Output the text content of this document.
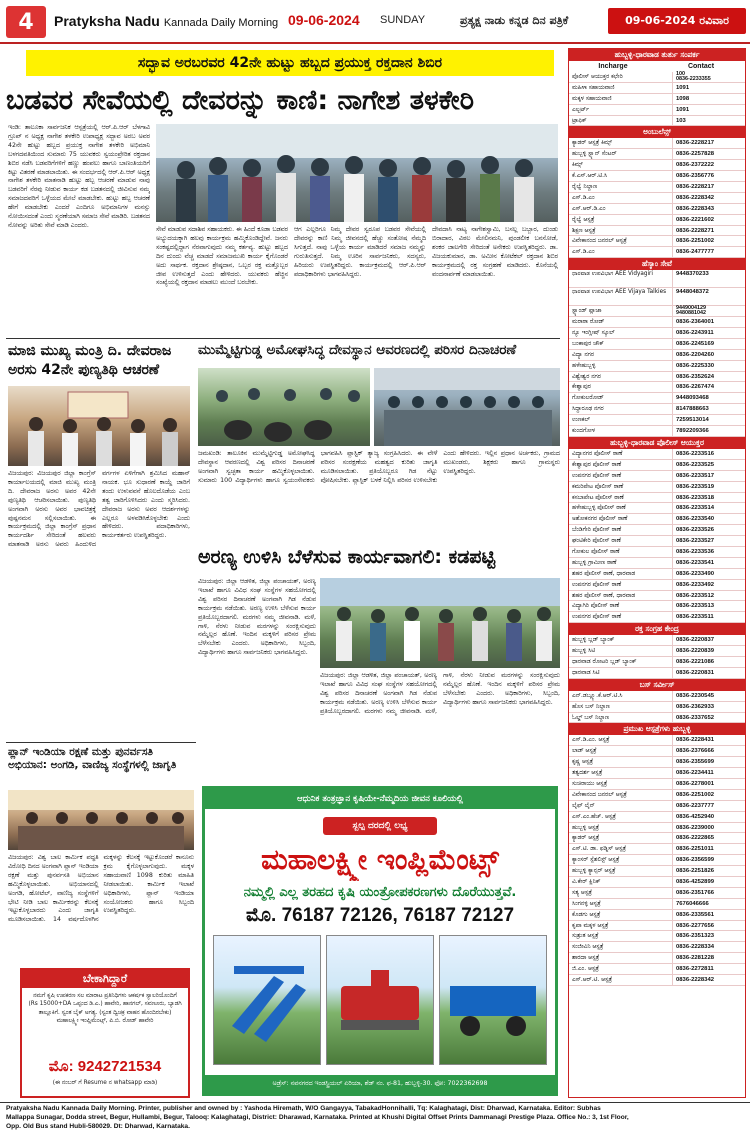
4	Pratyksha Nadu Kannada Daily Morning 09-06-2024 SUNDAY	ಪ್ರತ್ಯಕ್ಷ ನಾಡು ಕನ್ನಡ ದಿನ ಪತ್ರಿಕೆ	09-06-2024 ರವಿವಾರ
ಸದ್ಭಾವ ಅರಬರವರ 42ನೇ ಹುಟ್ಟು ಹಬ್ಬದ ಪ್ರಯುಕ್ತ ರಕ್ತದಾನ ಶಿಬಿರ
ಬಡವರ ಸೇವೆಯಲ್ಲಿ ದೇವರನ್ನು ಕಾಣಿ: ನಾಗೇಶ ತಳಕೇರಿ
ಇಂಡಿ: ತಾಲೂಕಾ ಸಾರ್ವಜನಿಕ ಆಸ್ಪತ್ರೆಯಲ್ಲಿ ಆರ್.ಪಿ.ಆರ್ ಬೆಳಗಾವಿ ಗ್ರೂಪ್ ನ ಅಧ್ಯಕ್ಷ ನಾಗೇಶ ತಳಕೇರಿ ಉಪಾಧ್ಯಕ್ಷ ಸದ್ಭಾವ ಅರಬ ಅವರ 42ನೇ ಹುಟ್ಟು ಹಬ್ಬದ ಪ್ರಯುಕ್ತ ನಾಗೇಶ ತಳಕೇರಿ ಅಭಿಮಾನಿ ಬಳಗದವತಿಯಿಂದ ಸುಮಾರು 75 ಯುವಕರು ಸ್ವಯಂಪ್ರೇರಿತ ರಕ್ತದಾನ ಶಿಬಿರ ನಡೆಸಿ ಬಡವರಿಗೆಗಳಿಗೆ ಹಣ್ಣು ಹಂಪಲು ಹಾಗೂ ಬಾಣಂತಿಯರಿಗೆ ಕಿಟ್ಟು ವಿತರಣೆ ಮಾಡಲಾಯಿತು. ಈ ಸಂದರ್ಭದಲ್ಲಿ ಆರ್.ಪಿ.ಆರ್ ಅಧ್ಯಕ್ಷ ನಾಗೇಶ ತಳಕೇರಿ ಮಾತನಾಡಿ ಹುಟ್ಟು ಹಬ್ಬ ಆಚರಣೆ ಮಾಡುವ ನಾವು ಬಡವರಿಗೆ ನೆರವು ನೀಡುವ ಕಾರ್ಯ ಕಡ ಬಡತನದಲ್ಲಿ ಜೀವಿಸುವ ನಮ್ಮ ಸಮಾಜದವರಿಗೆ ಒಳ್ಳೆಯದ ಮೇಲೆ ಮಾಡಬೇಕು. ಹುಟ್ಟು ಹಬ್ಬ ಆಚರಣೆ ಹೇಗೆ ಮಾಡಬೇಕು ಎಂದರೆ ಎಂದಿಗೂ ಅಭಿಮಾನಿಗಳ ಮನಸ್ಸು ನೋಯಿಸದಂತೆ ಎಂದು ಸ್ಮರಣೆಯಾಗಿ ಸಮಾಜ ಸೇವೆ ಮಾಡಿರಿ. ಬಡತನದ ನೋವನ್ನು ಅರಿತು ಸೇವೆ ಮಾಡಿ ಎಂದರು.
ಸೇವೆ ಮಾಡುವ ಸದಾಶಿವ ಸಹಾಯಕರು. ಈ ಹಿಂದೆ ಕೂಡಾ ಬಡವರ ಅಭ್ಯುದಯಕ್ಕಾಗಿ ಹಲವು ಕಾರ್ಯಕ್ರಮ ಹಮ್ಮಿಕೊಂಡಿದ್ದೇವೆ. ಜನರು ಸಂಕಷ್ಟದಲ್ಲಿದ್ದಾಗ ನೆರವಾಗುವುದು ನಮ್ಮ ಕರ್ತವ್ಯ. ಹುಟ್ಟು ಹಬ್ಬದ ದಿನ ದುಂದು ವೆಚ್ಚ ಮಾಡದೆ ಸಮಾಜಮುಖಿ ಕಾರ್ಯ ಕೈಗೊಂಡರೆ ಅದು ಸಾರ್ಥಕ. ರಕ್ತದಾನ ಶ್ರೇಷ್ಠದಾನ, ಒಬ್ಬರ ರಕ್ತ ಮತ್ತೊಬ್ಬರ ಜೀವ ಉಳಿಸುತ್ತದೆ ಎಂದು ಹೇಳಿದರು. ಯುವಕರು ಹೆಚ್ಚಿನ ಸಂಖ್ಯೆಯಲ್ಲಿ ರಕ್ತದಾನ ಮಾಡಲು ಮುಂದೆ ಬರಬೇಕು.
ಆಗ ಎಲ್ಲರಿಗೂ ನಿಮ್ಮ ದೇವರ ಸ್ವರೂಪ ಬಡವರ ಸೇವೆಯಲ್ಲಿ ದೇವರನ್ನು ಕಾಣಿ ನಿಮ್ಮ ಜೀವನದಲ್ಲಿ ಹೆಚ್ಚು ಸಂತೋಷ ನೆಮ್ಮದಿ ಸಿಗುತ್ತದೆ. ನಾವು ಒಳ್ಳೆಯ ಕಾರ್ಯ ಮಾಡಿದರೆ ಸಮಾಜ ನಮ್ಮನ್ನು ಗುರುತಿಸುತ್ತದೆ. ನಿಮ್ಮ ಊರಿನ ಸಾರ್ವಜನಿಕರು, ಸದಸ್ಯರು, ಹಿರಿಯರು ಉಪಸ್ಥಿತರಿದ್ದರು. ಕಾರ್ಯಕ್ರಮದಲ್ಲಿ ಆರ್.ಪಿ.ಆರ್ ಪದಾಧಿಕಾರಿಗಳು ಭಾಗವಹಿಸಿದ್ದರು.
ದೇವದಾಸಿ ನಾಟ್ಯ ನಾಗೇಶಸ್ವಾಮಿ, ಬಸಲ್ಲ ಬಬ್ಬಾರ, ದುಂಡು ಬಿರಾದಾರ, ವಿಠಲ ಮೇಲಿನಮನಿ, ಪುಂಡಲೀಕ ಬನಸೋಡೆ, ಶಂಕರ ಜಾಲಗೇರಿ ಸೇರಿದಂತೆ ಅನೇಕರು ಉಪಸ್ಥಿತರಿದ್ದರು. ಡಾ. ವಿಜಯಕುಮಾರ, ಡಾ. ಅಮೀನ ಕೋಟೆಕಲ್ ರಕ್ತದಾನ ಶಿಬಿರ ಕಾರ್ಯಕ್ರಮದಲ್ಲಿ ರಕ್ತ ಸಂಗ್ರಹಣೆ ಮಾಡಿದರು. ಕೊನೆಯಲ್ಲಿ ವಂದನಾರ್ಪಣೆ ಮಾಡಲಾಯಿತು.
ಮಾಜಿ ಮುಖ್ಯ ಮಂತ್ರಿ ದಿ. ದೇವರಾಜ ಅರಸು 42ನೇ ಪುಣ್ಯತಿಥಿ ಆಚರಣೆ
ವಿಜಯಪುರ: ವಿಜಯಪುರ ಜಿಲ್ಲಾ ಕಾಂಗ್ರೆಸ್ ಕಾರ್ಯಾಲಯದಲ್ಲಿ ಮಾಜಿ ಮುಖ್ಯ ಮಂತ್ರಿ ದಿ. ದೇವರಾಜ ಅರಸು ಅವರ 42ನೇ ಪುಣ್ಯತಿಥಿ ಆಚರಿಸಲಾಯಿತು. ಪುಣ್ಯತಿಥಿ ಅಂಗವಾಗಿ ಅರಸು ಅವರ ಭಾವಚಿತ್ರಕ್ಕೆ ಪುಷ್ಪನಮನ ಸಲ್ಲಿಸಲಾಯಿತು. ಈ ಕಾರ್ಯಕ್ರಮದಲ್ಲಿ ಜಿಲ್ಲಾ ಕಾಂಗ್ರೆಸ್ ಪ್ರಧಾನ ಕಾರ್ಯದರ್ಶಿ ಸೇರಿದಂತೆ ಹಲವರು ಮಾತನಾಡಿ ಅರಸು ಅವರು ಹಿಂದುಳಿದ ವರ್ಗಗಳ ಏಳಿಗೆಗಾಗಿ ಶ್ರಮಿಸಿದ ಮಹಾನ್ ನಾಯಕ. ಭೂ ಸುಧಾರಣೆ ಕಾಯ್ದೆ ಜಾರಿಗೆ ತಂದು ಉಳುವವನೆ ಹೊಲದೊಡೆಯ ಎಂಬ ತತ್ವ ಜಾರಿಗೊಳಿಸಿದರು ಎಂದು ಸ್ಮರಿಸಿದರು. ದೇವರಾಜ ಅರಸು ಅವರ ಆದರ್ಶಗಳನ್ನು ಎಲ್ಲರೂ ಅಳವಡಿಸಿಕೊಳ್ಳಬೇಕು ಎಂದು ಹೇಳಿದರು. ಪದಾಧಿಕಾರಿಗಳು, ಕಾರ್ಯಕರ್ತರು ಉಪಸ್ಥಿತರಿದ್ದರು.
ಮುಮ್ಮೆಟ್ಟಿಗುಡ್ಡ ಅಮೋಘಸಿದ್ಧ ದೇವಸ್ಥಾನ ಆವರಣದಲ್ಲಿ ಪರಿಸರ ದಿನಾಚರಣೆ
ಜಮಖಂಡಿ: ತಾಲೂಕಿನ ಮುಮ್ಮೆಟ್ಟಿಗುಡ್ಡ ಅಮೋಘಸಿದ್ಧ ದೇವಸ್ಥಾನ ಆವರಣದಲ್ಲಿ ವಿಶ್ವ ಪರಿಸರ ದಿನಾಚರಣೆ ಅಂಗವಾಗಿ ಸ್ವಚ್ಛತಾ ಕಾರ್ಯ ಹಮ್ಮಿಕೊಳ್ಳಲಾಯಿತು. ಸುಮಾರು 100 ವಿದ್ಯಾರ್ಥಿಗಳು ಹಾಗೂ ಸ್ವಯಂಸೇವಕರು ಭಾಗವಹಿಸಿ ಪ್ಲಾಸ್ಟಿಕ್ ತ್ಯಾಜ್ಯ ಸಂಗ್ರಹಿಸಿದರು. ಈ ವೇಳೆ ಪರಿಸರ ಸಂರಕ್ಷಣೆಯ ಮಹತ್ವದ ಕುರಿತು ಜಾಗೃತಿ ಮೂಡಿಸಲಾಯಿತು. ಪ್ರತಿಯೊಬ್ಬರೂ ಗಿಡ ನೆಟ್ಟು ಪೋಷಿಸಬೇಕು. ಪ್ಲಾಸ್ಟಿಕ್ ಬಳಕೆ ನಿಲ್ಲಿಸಿ ಪರಿಸರ ಉಳಿಸಬೇಕು ಎಂದು ಹೇಳಿದರು. ಇಲ್ಲಿನ ಪ್ರಧಾನ ಅರ್ಚಕರು, ಗ್ರಾಮದ ಮುಖಂಡರು, ಶಿಕ್ಷಕರು ಹಾಗೂ ಗ್ರಾಮಸ್ಥರು ಉಪಸ್ಥಿತರಿದ್ದರು.
ಅರಣ್ಯ ಉಳಿಸಿ ಬೆಳೆಸುವ ಕಾರ್ಯವಾಗಲಿ: ಕಡಪಟ್ಟಿ
ವಿಜಯಪುರ: ಜಿಲ್ಲಾ ಆಡಳಿತ, ಜಿಲ್ಲಾ ಪಂಚಾಯತ್, ಅರಣ್ಯ ಇಲಾಖೆ ಹಾಗೂ ವಿವಿಧ ಸಂಘ ಸಂಸ್ಥೆಗಳ ಸಹಯೋಗದಲ್ಲಿ ವಿಶ್ವ ಪರಿಸರ ದಿನಾಚರಣೆ ಅಂಗವಾಗಿ ಗಿಡ ನೆಡುವ ಕಾರ್ಯಕ್ರಮ ನಡೆಯಿತು. ಅರಣ್ಯ ಉಳಿಸಿ ಬೆಳೆಸುವ ಕಾರ್ಯ ಪ್ರತಿಯೊಬ್ಬರದಾಗಲಿ. ಮರಗಳು ನಮ್ಮ ಜೀವನಾಡಿ. ಮಳೆ, ಗಾಳಿ, ನೆರಳು ನೀಡುವ ಮರಗಳನ್ನು ಸಂರಕ್ಷಿಸುವುದು ನಮ್ಮೆಲ್ಲರ ಹೊಣೆ. ಇಂದಿನ ಮಕ್ಕಳಿಗೆ ಪರಿಸರ ಪ್ರೇಮ ಬೆಳೆಸಬೇಕು ಎಂದರು. ಅಧಿಕಾರಿಗಳು, ಸಿಬ್ಬಂದಿ, ವಿದ್ಯಾರ್ಥಿಗಳು ಹಾಗೂ ಸಾರ್ವಜನಿಕರು ಭಾಗವಹಿಸಿದ್ದರು.
ವಿಜಯಪುರ: ಜಿಲ್ಲಾ ಆಡಳಿತ, ಜಿಲ್ಲಾ ಪಂಚಾಯತ್, ಅರಣ್ಯ ಇಲಾಖೆ ಹಾಗೂ ವಿವಿಧ ಸಂಘ ಸಂಸ್ಥೆಗಳ ಸಹಯೋಗದಲ್ಲಿ ವಿಶ್ವ ಪರಿಸರ ದಿನಾಚರಣೆ ಅಂಗವಾಗಿ ಗಿಡ ನೆಡುವ ಕಾರ್ಯಕ್ರಮ ನಡೆಯಿತು. ಅರಣ್ಯ ಉಳಿಸಿ ಬೆಳೆಸುವ ಕಾರ್ಯ ಪ್ರತಿಯೊಬ್ಬರದಾಗಲಿ. ಮರಗಳು ನಮ್ಮ ಜೀವನಾಡಿ. ಮಳೆ, ಗಾಳಿ, ನೆರಳು ನೀಡುವ ಮರಗಳನ್ನು ಸಂರಕ್ಷಿಸುವುದು ನಮ್ಮೆಲ್ಲರ ಹೊಣೆ. ಇಂದಿನ ಮಕ್ಕಳಿಗೆ ಪರಿಸರ ಪ್ರೇಮ ಬೆಳೆಸಬೇಕು ಎಂದರು. ಅಧಿಕಾರಿಗಳು, ಸಿಬ್ಬಂದಿ, ವಿದ್ಯಾರ್ಥಿಗಳು ಹಾಗೂ ಸಾರ್ವಜನಿಕರು ಭಾಗವಹಿಸಿದ್ದರು.
ಪ್ಲಾನ್ ಇಂಡಿಯಾ ರಕ್ಷಣೆ ಮತ್ತು ಪುನರ್ವಸತಿ ಅಭಿಯಾನ: ಅಂಗಡಿ, ವಾಣಿಜ್ಯ ಸಂಸ್ಥೆಗಳಲ್ಲಿ ಜಾಗೃತಿ
ವಿಜಯಪುರ: ವಿಶ್ವ ಬಾಲ ಕಾರ್ಮಿಕ ಪದ್ಧತಿ ವಿರೋಧಿ ದಿನದ ಅಂಗವಾಗಿ ಪ್ಲಾನ್ ಇಂಡಿಯಾ ರಕ್ಷಣೆ ಮತ್ತು ಪುನರ್ವಸತಿ ಅಭಿಯಾನ ಹಮ್ಮಿಕೊಳ್ಳಲಾಯಿತು. ಅಭಿಯಾನದಲ್ಲಿ ಅಂಗಡಿ, ಹೋಟೆಲ್, ವಾಣಿಜ್ಯ ಸಂಸ್ಥೆಗಳಿಗೆ ಭೇಟಿ ನೀಡಿ ಬಾಲ ಕಾರ್ಮಿಕರನ್ನು ಕೆಲಸಕ್ಕೆ ಇಟ್ಟುಕೊಳ್ಳಬಾರದು ಎಂದು ಜಾಗೃತಿ ಮೂಡಿಸಲಾಯಿತು. 14 ವರ್ಷದೊಳಗಿನ ಮಕ್ಕಳನ್ನು ಕೆಲಸಕ್ಕೆ ಇಟ್ಟುಕೊಂಡರೆ ಕಾನೂನು ಕ್ರಮ ಕೈಗೊಳ್ಳಲಾಗುವುದು. ಮಕ್ಕಳ ಸಹಾಯವಾಣಿ 1098 ಕುರಿತು ಮಾಹಿತಿ ನೀಡಲಾಯಿತು. ಕಾರ್ಮಿಕ ಇಲಾಖೆ ಅಧಿಕಾರಿಗಳು, ಪ್ಲಾನ್ ಇಂಡಿಯಾ ಸಂಯೋಜಕರು ಹಾಗೂ ಸಿಬ್ಬಂದಿ ಉಪಸ್ಥಿತರಿದ್ದರು.
ಬೇಕಾಗಿದ್ದಾರೆ
ನಮಗೆ ಕೃಷಿ ಉಪಕರಣ ಸಲ ಮಾರಾಟ ಪ್ರತಿನಿಧಿಗಳು ಆಕರ್ಷಕ ಸ್ಯಾಲರಿಯೊಂದಿಗೆ (Rs 15000+DA ಒಪ್ಪಂದ ಡಿ.ಎ.) ಹಾವೇರಿ, ಹಾನಗಲ್, ಸವಣೂರು, ಬ್ಯಾಡಗಿ ತಾಲ್ಲೂಕಿಗೆ. ಸ್ವಂತ ಬೈಕ್ ಅಗತ್ಯ. (ಸ್ವಂತ ದ್ವಿಚಕ್ರ ವಾಹನ ಹೊಂದಿರಬೇಕು) ಮಹಾಲಕ್ಷ್ಮೀ ಇಂಪ್ಲಿಮೆಂಟ್ಸ್, ಪಿ.ಬಿ. ರೋಡ್ ಹಾವೇರಿ
ಮೊ: 9242721534
(ಈ ನಂಬರ್ ಗೆ Resume ನ whatsapp ಮಾಡಿ)
ಆಧುನಿಕ ತಂತ್ರಜ್ಞಾನ ಕೃಷಿಯೇ-ನೆಮ್ಮದಿಯ ಜೀವನ ಕೂಲಿಯಲ್ಲಿ
ಸ್ಬಲ್ಪ ದರದಲ್ಲಿ ಲಭ್ಯ
ಮಹಾಲಕ್ಷ್ಮೀ ಇಂಪ್ಲಿಮೆಂಟ್ಸ್
ನಮ್ಮಲ್ಲಿ ಎಲ್ಲ ತರಹದ ಕೃಷಿ ಯಂತ್ರೋಪಕರಣಗಳು ದೊರೆಯುತ್ತವೆ.
ಮೊ. 76187 72126, 76187 72127
ಅಡ್ರೆಸ್: ನವನಗರದ ಇಂಡಸ್ಟ್ರಿಯಲ್ ಏರಿಯಾ, ಶೆಡ್ ನಂ. ಫ-81, ಹುಬ್ಬಳ್ಳಿ-30. ಫೋ: 7022362698
ಹುಬ್ಬಳ್ಳಿ-ಧಾರವಾಡ ತುರ್ತು ಸಂಪರ್ಕ
Incharge	Contact
ಪೊಲೀಸ್ ಆಯುಕ್ತರ ಕಛೇರಿ	100
0836-2233355
ಮಹಿಳಾ ಸಹಾಯವಾಣಿ	1091
ಮಕ್ಕಳ ಸಹಾಯವಾಣಿ	1098
ಎಲ್ಬರ್ಟ್	1091
ಟ್ರಾಫಿಕ್	103
ಅಂಬುಲೆನ್ಸ್
ಕ್ಯಾಡರ್ ಆಸ್ಪತ್ರೆ ಕಿಮ್ಸ್	0836-2228217
ಹುಬ್ಬಳ್ಳಿ ಸ್ಟ್ಯಾನ್ ಸೆಂಟರ್	0836-2257828
ಕಿಮ್ಸ್	0836-2372222
ಕೆ.ಎಸ್.ಆರ್.ಟಿ.ಸಿ	0836-2356776
ರೈಲ್ವೆ ನಿಲ್ದಾಣ	0836-2228217
ಎಸ್.ಡಿ.ಎಂ	0836-2228342
ಎಸ್.ಆರ್.ಡಿ.ಎಂ	0836-2228343
ರೈಲ್ವೆ ಆಸ್ಪತ್ರೆ	0836-2221602
ಶಿಕ್ಷಣ ಆಸ್ಪತ್ರೆ	0836-2228271
ವಿವೇಕಾನಂದ ಜನರಲ್ ಆಸ್ಪತ್ರೆ	0836-2251002
ಎಸ್.ಡಿ.ಎಂ	0836-2477777
ಹೆಸ್ಕಾಂ ಸೇವೆ
ಧಾರವಾಡ ಉಪವಿಭಾಗ AEE Vidyagiri	9448370233
ಧಾರವಾಡ ಉಪವಿಭಾಗ AEE Vijaya Talkies	9448048372
ಸ್ಟ್ಯಾಂಡ್ ಪ್ಲಾಜಾ	9449004129
9480881042
ಮರಾಠಾ ರೋಡ್	0836-2364001
ನ್ಯೂ ಇಂಗ್ಲೀಷ್ ಸ್ಕೂಲ್	0836-2243911
ಬಂಕಾಪುರ ಚೌಕ್	0836-2245169
ವಿದ್ಯಾ ನಗರ	0836-2204260
ಹಳೇಹುಬ್ಬಳ್ಳಿ	0836-2225330
ವಿಶ್ವೇಶ್ವರ ನಗರ	0836-2352624
ಕೇಶ್ವಾಪುರ	0836-2267474
ಗೋಕುಲರೋಡ್	9448093468
ಸಿದ್ದಾರೂಢ ನಗರ	8147888663
ಉಣಕಲ್	7259513014
ಕುಂದಗೋಳ	7892209366
ಹುಬ್ಬಳ್ಳಿ-ಧಾರವಾಡ ಪೊಲೀಸ್ ಆಯುಕ್ತರ
ವಿದ್ಯಾನಗರ ಪೊಲೀಸ್ ಠಾಣೆ	0836-2233516
ಕೇಶ್ವಾಪುರ ಪೊಲೀಸ್ ಠಾಣೆ	0836-2233525
ಉಪನಗರ ಪೊಲೀಸ್ ಠಾಣೆ	0836-2233517
ಕಮರಿಪೇಟ ಪೊಲೀಸ್ ಠಾಣೆ	0836-2233519
ಕಸಬಾಪೇಟ ಪೊಲೀಸ್ ಠಾಣೆ	0836-2233518
ಹಳೇಹುಬ್ಬಳ್ಳಿ ಪೊಲೀಸ್ ಠಾಣೆ	0836-2233514
ಅಶೋಕನಗರ ಪೊಲೀಸ್ ಠಾಣೆ	0836-2233540
ಬೆಂಡಿಗೇರಿ ಪೊಲೀಸ್ ಠಾಣೆ	0836-2233526
ಘಂಟಿಕೇರಿ ಪೊಲೀಸ್ ಠಾಣೆ	0836-2233527
ಗೋಕುಲ ಪೊಲೀಸ್ ಠಾಣೆ	0836-2233536
ಹುಬ್ಬಳ್ಳಿ ಗ್ರಾಮೀಣ ಠಾಣೆ	0836-2233541
ಶಹರ ಪೊಲೀಸ್ ಠಾಣೆ, ಧಾರವಾಡ	0836-2233490
ಉಪನಗರ ಪೊಲೀಸ್ ಠಾಣೆ	0836-2233492
ಶಹರ ಪೊಲೀಸ್ ಠಾಣೆ, ಧಾರವಾಡ	0836-2233512
ವಿದ್ಯಾಗಿರಿ ಪೊಲೀಸ್ ಠಾಣೆ	0836-2233513
ಉಪನಗರ ಪೊಲೀಸ್ ಠಾಣೆ	0836-2233511
ರಕ್ತ ಸಂಗ್ರಹ ಕೇಂದ್ರ
ಹುಬ್ಬಳ್ಳಿ ಬ್ಲಡ್ ಬ್ಯಾಂಕ್	0836-2220837
ಹುಬ್ಬಳ್ಳಿ ಸಿಟಿ	0836-2220839
ಧಾರವಾಡ ರೋಟರಿ ಬ್ಲಡ್ ಬ್ಯಾಂಕ್	0836-2221086
ಧಾರವಾಡ ಸಿಟಿ	0836-2220831
ಬಸ್ ಸರ್ವೀಸ್
ಎನ್.ಡಬ್ಲ್ಯೂ.ಕೆ.ಆರ್.ಟಿ.ಸಿ	0836-2230545
ಹೊಸ ಬಸ್ ನಿಲ್ದಾಣ	0836-2362933
ಓಲ್ಡ್ ಬಸ್ ನಿಲ್ದಾಣ	0836-2337652
ಪ್ರಮುಖ ಆಸ್ಪತ್ರೆಗಳು ಹುಬ್ಬಳ್ಳಿ
ಎಸ್.ಡಿ.ಎಂ. ಆಸ್ಪತ್ರೆ	0836-2228431
ಲಾಡ್ ಆಸ್ಪತ್ರೆ	0836-2376666
ಕೃಷ್ಣ ಆಸ್ಪತ್ರೆ	0836-2355699
ತತ್ವದರ್ಶ ಆಸ್ಪತ್ರೆ	0836-2234411
ಸುಚಿರಾಯು ಆಸ್ಪತ್ರೆ	0836-2278001
ವಿವೇಕಾನಂದ ಜನರಲ್ ಆಸ್ಪತ್ರೆ	0836-2251002
ಲೈಫ್ ಲೈನ್	0836-2237777
ಎಸ್.ಎಂ.ಹೆಚ್. ಆಸ್ಪತ್ರೆ	0836-4252940
ಹುಬ್ಬಳ್ಳಿ ಆಸ್ಪತ್ರೆ	0836-2239000
ಕ್ಯಾಡರ್ ಆಸ್ಪತ್ರೆ	0836-2222865
ಎಸ್.ಟಿ. ಡಾ. ಫಡ್ನಿಸ್ ಆಸ್ಪತ್ರೆ	0836-2251011
ಕ್ಯಾಂಸರ್ ಸ್ಪೆಶಲಿಸ್ಟ್ ಆಸ್ಪತ್ರೆ	0836-2356599
ಹುಬ್ಬಳ್ಳಿ ಕ್ಯಾನ್ಸರ್ ಆಸ್ಪತ್ರೆ	0836-2251826
ವಿ.ಕೇರ್ ಕ್ಲಿನಿಕ್	0836-4252899
ಸತ್ಯ ಆಸ್ಪತ್ರೆ	0836-2351766
ಸಿಂಗನಳ್ಳಿ ಆಸ್ಪತ್ರೆ	7676046666
ಕೊಡಗು ಆಸ್ಪತ್ರೆ	0836-2335561
ಕೃಪಾ ಮಕ್ಕಳ ಆಸ್ಪತ್ರೆ	0836-2277656
ಸುಶ್ರುತ ಆಸ್ಪತ್ರೆ	0836-2351323
ಸಂಜೀವಿನಿ ಆಸ್ಪತ್ರೆ	0836-2228334
ಶಾರದಾ ಆಸ್ಪತ್ರೆ	0836-2281228
ಜಿ.ಎಂ. ಆಸ್ಪತ್ರೆ	0836-2272811
ಎಸ್.ಆರ್.ಟಿ. ಆಸ್ಪತ್ರೆ	0836-2228342
Pratyaksha Nadu Kannada Daily Morning. Printer, publisher and owned by : Yashoda Hiremath, W/O Gangayya, TabakadHonnihalli, Tq: Kalaghatagi, Dist: Dharwad, Karnataka. Editor: Subhas
Mallappa Sunagar, Dodda street, Begur, Hullambi, Begur, Talooq: Kalaghatagi, District: Dharawad, Karnataka. Printed at Khushi Digital Offset Prints Dammanagi Prestige Plaza. Office No.: 3, 1st Floor,
Opp. Old Bus stand Hubli-580029. Dt: Dharwad, Karnataka.
